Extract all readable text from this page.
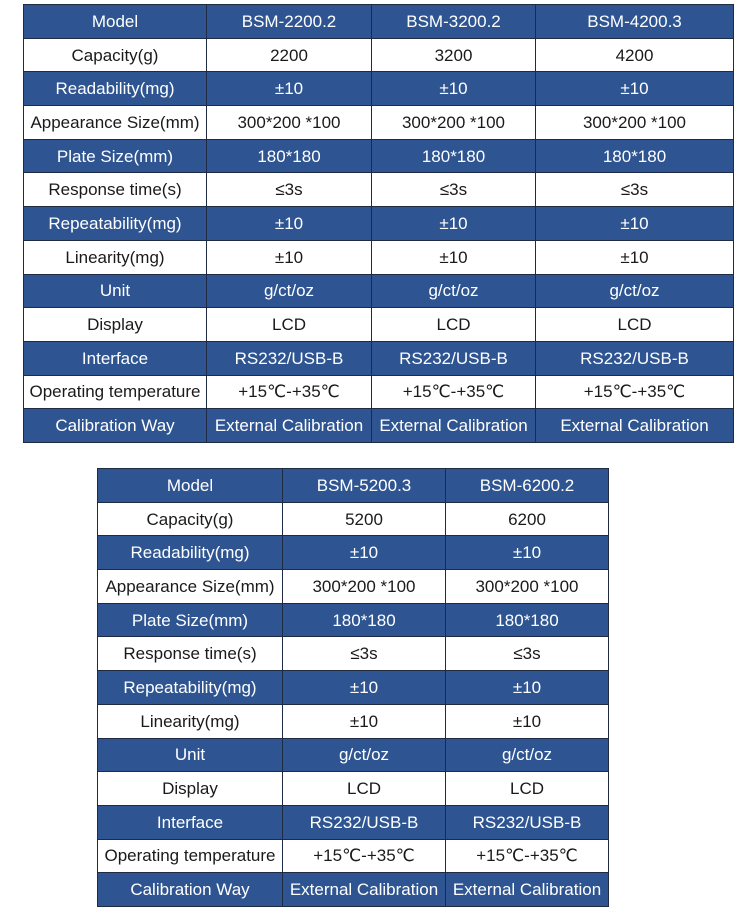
Model	BSM-2200.2	BSM-3200.2	BSM-4200.3
Capacity(g)	2200	3200	4200
Readability(mg)	±10	±10	±10
Appearance Size(mm)	300*200 *100	300*200 *100	300*200 *100
Plate Size(mm)	180*180	180*180	180*180
Response time(s)	≤3s	≤3s	≤3s
Repeatability(mg)	±10	±10	±10
Linearity(mg)	±10	±10	±10
Unit	g/ct/oz	g/ct/oz	g/ct/oz
Display	LCD	LCD	LCD
Interface	RS232/USB-B	RS232/USB-B	RS232/USB-B
Operating temperature	+15℃-+35℃	+15℃-+35℃	+15℃-+35℃
Calibration Way	External Calibration	External Calibration	External Calibration
Model	BSM-5200.3	BSM-6200.2
Capacity(g)	5200	6200
Readability(mg)	±10	±10
Appearance Size(mm)	300*200 *100	300*200 *100
Plate Size(mm)	180*180	180*180
Response time(s)	≤3s	≤3s
Repeatability(mg)	±10	±10
Linearity(mg)	±10	±10
Unit	g/ct/oz	g/ct/oz
Display	LCD	LCD
Interface	RS232/USB-B	RS232/USB-B
Operating temperature	+15℃-+35℃	+15℃-+35℃
Calibration Way	External Calibration	External Calibration
